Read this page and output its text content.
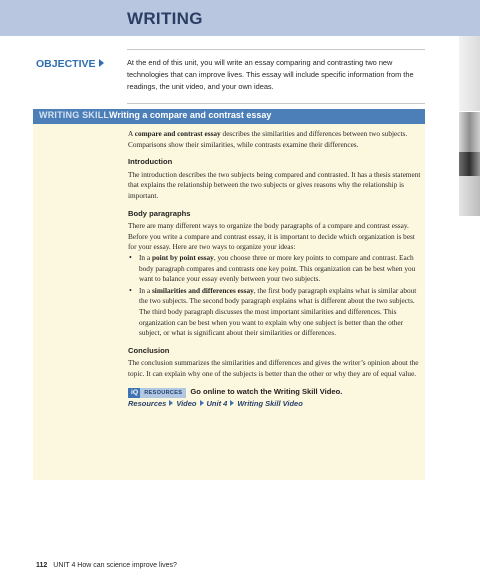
WRITING
OBJECTIVE	At the end of this unit, you will write an essay comparing and contrasting two new technologies that can improve lives. This essay will include specific information from the readings, the unit video, and your own ideas.

WRITING SKILL Writing a compare and contrast essay

A compare and contrast essay describes the similarities and differences between two subjects. Comparisons show their similarities, while contrasts examine their differences.

Introduction

The introduction describes the two subjects being compared and contrasted. It has a thesis statement that explains the relationship between the two subjects or gives reasons why the relationship is important.

Body paragraphs

There are many different ways to organize the body paragraphs of a compare and contrast essay. Before you write a compare and contrast essay, it is important to decide which organization is best for your essay. Here are two ways to organize your ideas:

• In a point by point essay, you choose three or more key points to compare and contrast. Each body paragraph compares and contrasts one key point. This organization can be best when you want to balance your essay evenly between your two subjects.
• In a similarities and differences essay, the first body paragraph explains what is similar about the two subjects. The second body paragraph explains what is different about the two subjects. The third body paragraph discusses the most important similarities and differences. This organization can be best when you want to explain why one subject is better than the other subject, or what is significant about their similarities or differences.
Conclusion

The conclusion summarizes the similarities and differences and gives the writer’s opinion about the topic. It can explain why one of the subjects is better than the other or why they are of equal value.

iQ RESOURCES Go online to watch the Writing Skill Video.
Resources Video Unit 4 Writing Skill Video
112 UNIT 4 How can science improve lives?
